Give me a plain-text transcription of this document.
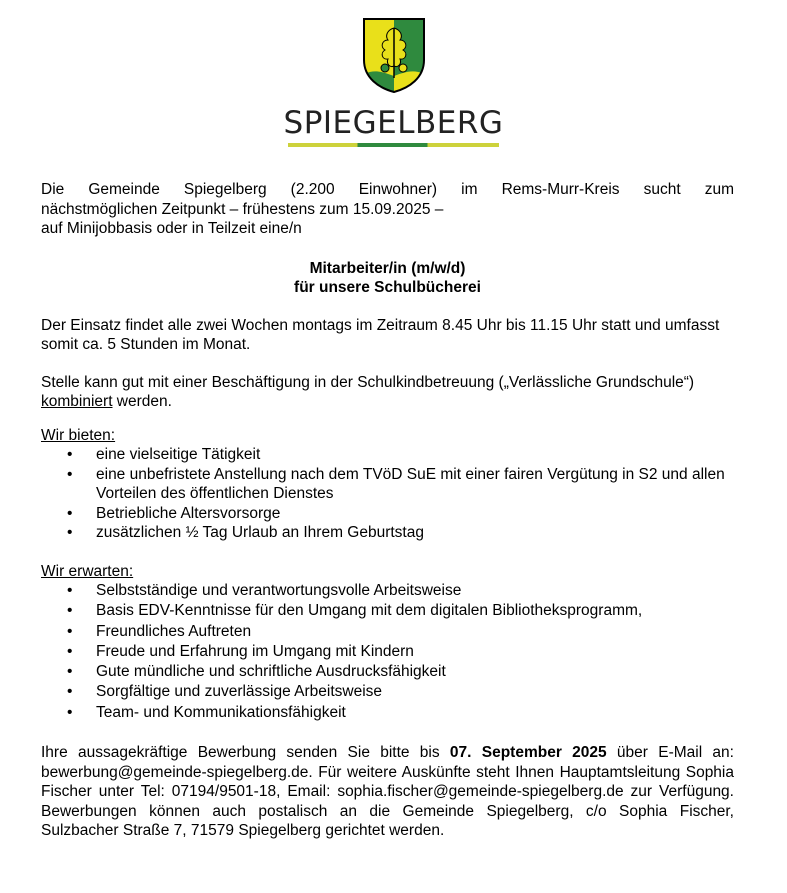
SPIEGELBERG

Die Gemeinde Spiegelberg (2.200 Einwohner) im Rems-Murr-Kreis sucht zum

nächstmöglichen Zeitpunkt – frühestens zum 15.09.2025 –

auf Minijobbasis oder in Teilzeit eine/n

Mitarbeiter/in (m/w/d)

für unsere Schulbücherei

Der Einsatz findet alle zwei Wochen montags im Zeitraum 8.45 Uhr bis 11.15 Uhr statt und umfasst somit ca. 5 Stunden im Monat.

Stelle kann gut mit einer Beschäftigung in der Schulkindbetreuung („Verlässliche Grundschule“) kombiniert werden.

Wir bieten:

• eine vielseitige Tätigkeit
• eine unbefristete Anstellung nach dem TVöD SuE mit einer fairen Vergütung in S2 und allen Vorteilen des öffentlichen Dienstes
• Betriebliche Altersvorsorge
• zusätzlichen ½ Tag Urlaub an Ihrem Geburtstag

Wir erwarten:

• Selbstständige und verantwortungsvolle Arbeitsweise
• Basis EDV-Kenntnisse für den Umgang mit dem digitalen Bibliotheksprogramm,
• Freundliches Auftreten
• Freude und Erfahrung im Umgang mit Kindern
• Gute mündliche und schriftliche Ausdrucksfähigkeit
• Sorgfältige und zuverlässige Arbeitsweise
• Team- und Kommunikationsfähigkeit

Ihre aussagekräftige Bewerbung senden Sie bitte bis 07. September 2025 über E-Mail an: bewerbung@gemeinde-spiegelberg.de. Für weitere Auskünfte steht Ihnen Hauptamtsleitung Sophia Fischer unter Tel: 07194/9501-18, Email: sophia.fischer@gemeinde-spiegelberg.de zur Verfügung. Bewerbungen können auch postalisch an die Gemeinde Spiegelberg, c/o Sophia Fischer, Sulzbacher Straße 7, 71579 Spiegelberg gerichtet werden.
